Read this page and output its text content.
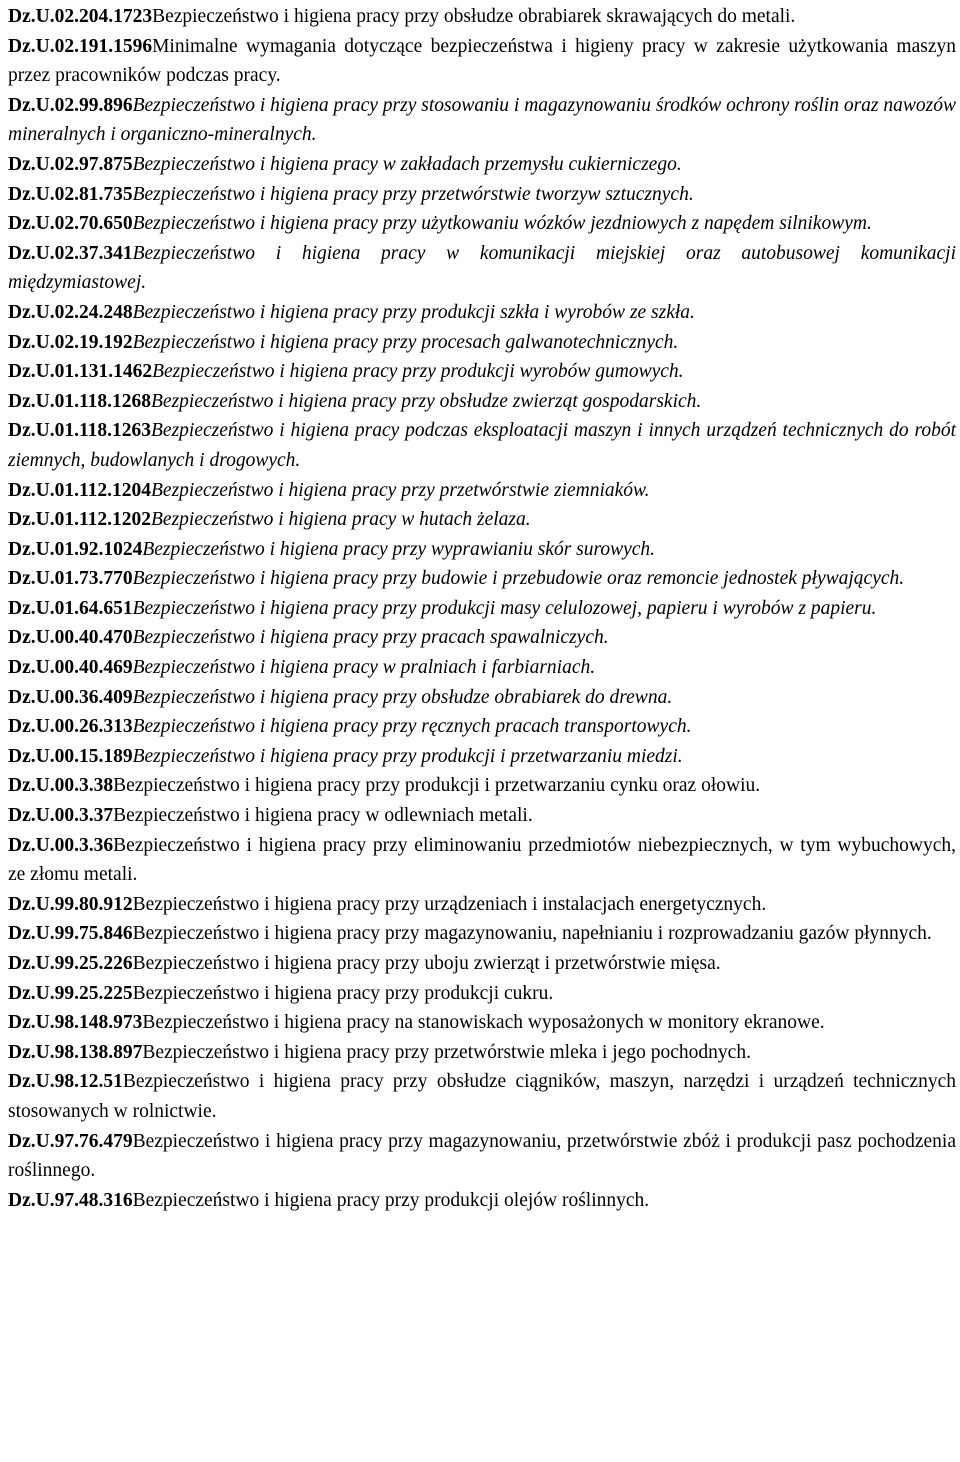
Dz.U.02.204.1723Bezpieczeństwo i higiena pracy przy obsłudze obrabiarek skrawających do metali.

Dz.U.02.191.1596Minimalne wymagania dotyczące bezpieczeństwa i higieny pracy w zakresie użytkowania maszyn przez pracowników podczas pracy.

Dz.U.02.99.896Bezpieczeństwo i higiena pracy przy stosowaniu i magazynowaniu środków ochrony roślin oraz nawozów mineralnych i organiczno-mineralnych.

Dz.U.02.97.875Bezpieczeństwo i higiena pracy w zakładach przemysłu cukierniczego.

Dz.U.02.81.735Bezpieczeństwo i higiena pracy przy przetwórstwie tworzyw sztucznych.

Dz.U.02.70.650Bezpieczeństwo i higiena pracy przy użytkowaniu wózków jezdniowych z napędem silnikowym.

Dz.U.02.37.341Bezpieczeństwo i higiena pracy w komunikacji miejskiej oraz autobusowej komunikacji międzymiastowej.

Dz.U.02.24.248Bezpieczeństwo i higiena pracy przy produkcji szkła i wyrobów ze szkła.

Dz.U.02.19.192Bezpieczeństwo i higiena pracy przy procesach galwanotechnicznych.

Dz.U.01.131.1462Bezpieczeństwo i higiena pracy przy produkcji wyrobów gumowych.

Dz.U.01.118.1268Bezpieczeństwo i higiena pracy przy obsłudze zwierząt gospodarskich.

Dz.U.01.118.1263Bezpieczeństwo i higiena pracy podczas eksploatacji maszyn i innych urządzeń technicznych do robót ziemnych, budowlanych i drogowych.

Dz.U.01.112.1204Bezpieczeństwo i higiena pracy przy przetwórstwie ziemniaków.

Dz.U.01.112.1202Bezpieczeństwo i higiena pracy w hutach żelaza.

Dz.U.01.92.1024Bezpieczeństwo i higiena pracy przy wyprawianiu skór surowych.

Dz.U.01.73.770Bezpieczeństwo i higiena pracy przy budowie i przebudowie oraz remoncie jednostek pływających.

Dz.U.01.64.651Bezpieczeństwo i higiena pracy przy produkcji masy celulozowej, papieru i wyrobów z papieru.

Dz.U.00.40.470Bezpieczeństwo i higiena pracy przy pracach spawalniczych.

Dz.U.00.40.469Bezpieczeństwo i higiena pracy w pralniach i farbiarniach.

Dz.U.00.36.409Bezpieczeństwo i higiena pracy przy obsłudze obrabiarek do drewna.

Dz.U.00.26.313Bezpieczeństwo i higiena pracy przy ręcznych pracach transportowych.

Dz.U.00.15.189Bezpieczeństwo i higiena pracy przy produkcji i przetwarzaniu miedzi.

Dz.U.00.3.38Bezpieczeństwo i higiena pracy przy produkcji i przetwarzaniu cynku oraz ołowiu.

Dz.U.00.3.37Bezpieczeństwo i higiena pracy w odlewniach metali.

Dz.U.00.3.36Bezpieczeństwo i higiena pracy przy eliminowaniu przedmiotów niebezpiecznych, w tym wybuchowych, ze złomu metali.

Dz.U.99.80.912Bezpieczeństwo i higiena pracy przy urządzeniach i instalacjach energetycznych.

Dz.U.99.75.846Bezpieczeństwo i higiena pracy przy magazynowaniu, napełnianiu i rozprowadzaniu gazów płynnych.

Dz.U.99.25.226Bezpieczeństwo i higiena pracy przy uboju zwierząt i przetwórstwie mięsa.

Dz.U.99.25.225Bezpieczeństwo i higiena pracy przy produkcji cukru.

Dz.U.98.148.973Bezpieczeństwo i higiena pracy na stanowiskach wyposażonych w monitory ekranowe.

Dz.U.98.138.897Bezpieczeństwo i higiena pracy przy przetwórstwie mleka i jego pochodnych.

Dz.U.98.12.51Bezpieczeństwo i higiena pracy przy obsłudze ciągników, maszyn, narzędzi i urządzeń technicznych stosowanych w rolnictwie.

Dz.U.97.76.479Bezpieczeństwo i higiena pracy przy magazynowaniu, przetwórstwie zbóż i produkcji pasz pochodzenia roślinnego.

Dz.U.97.48.316Bezpieczeństwo i higiena pracy przy produkcji olejów roślinnych.
